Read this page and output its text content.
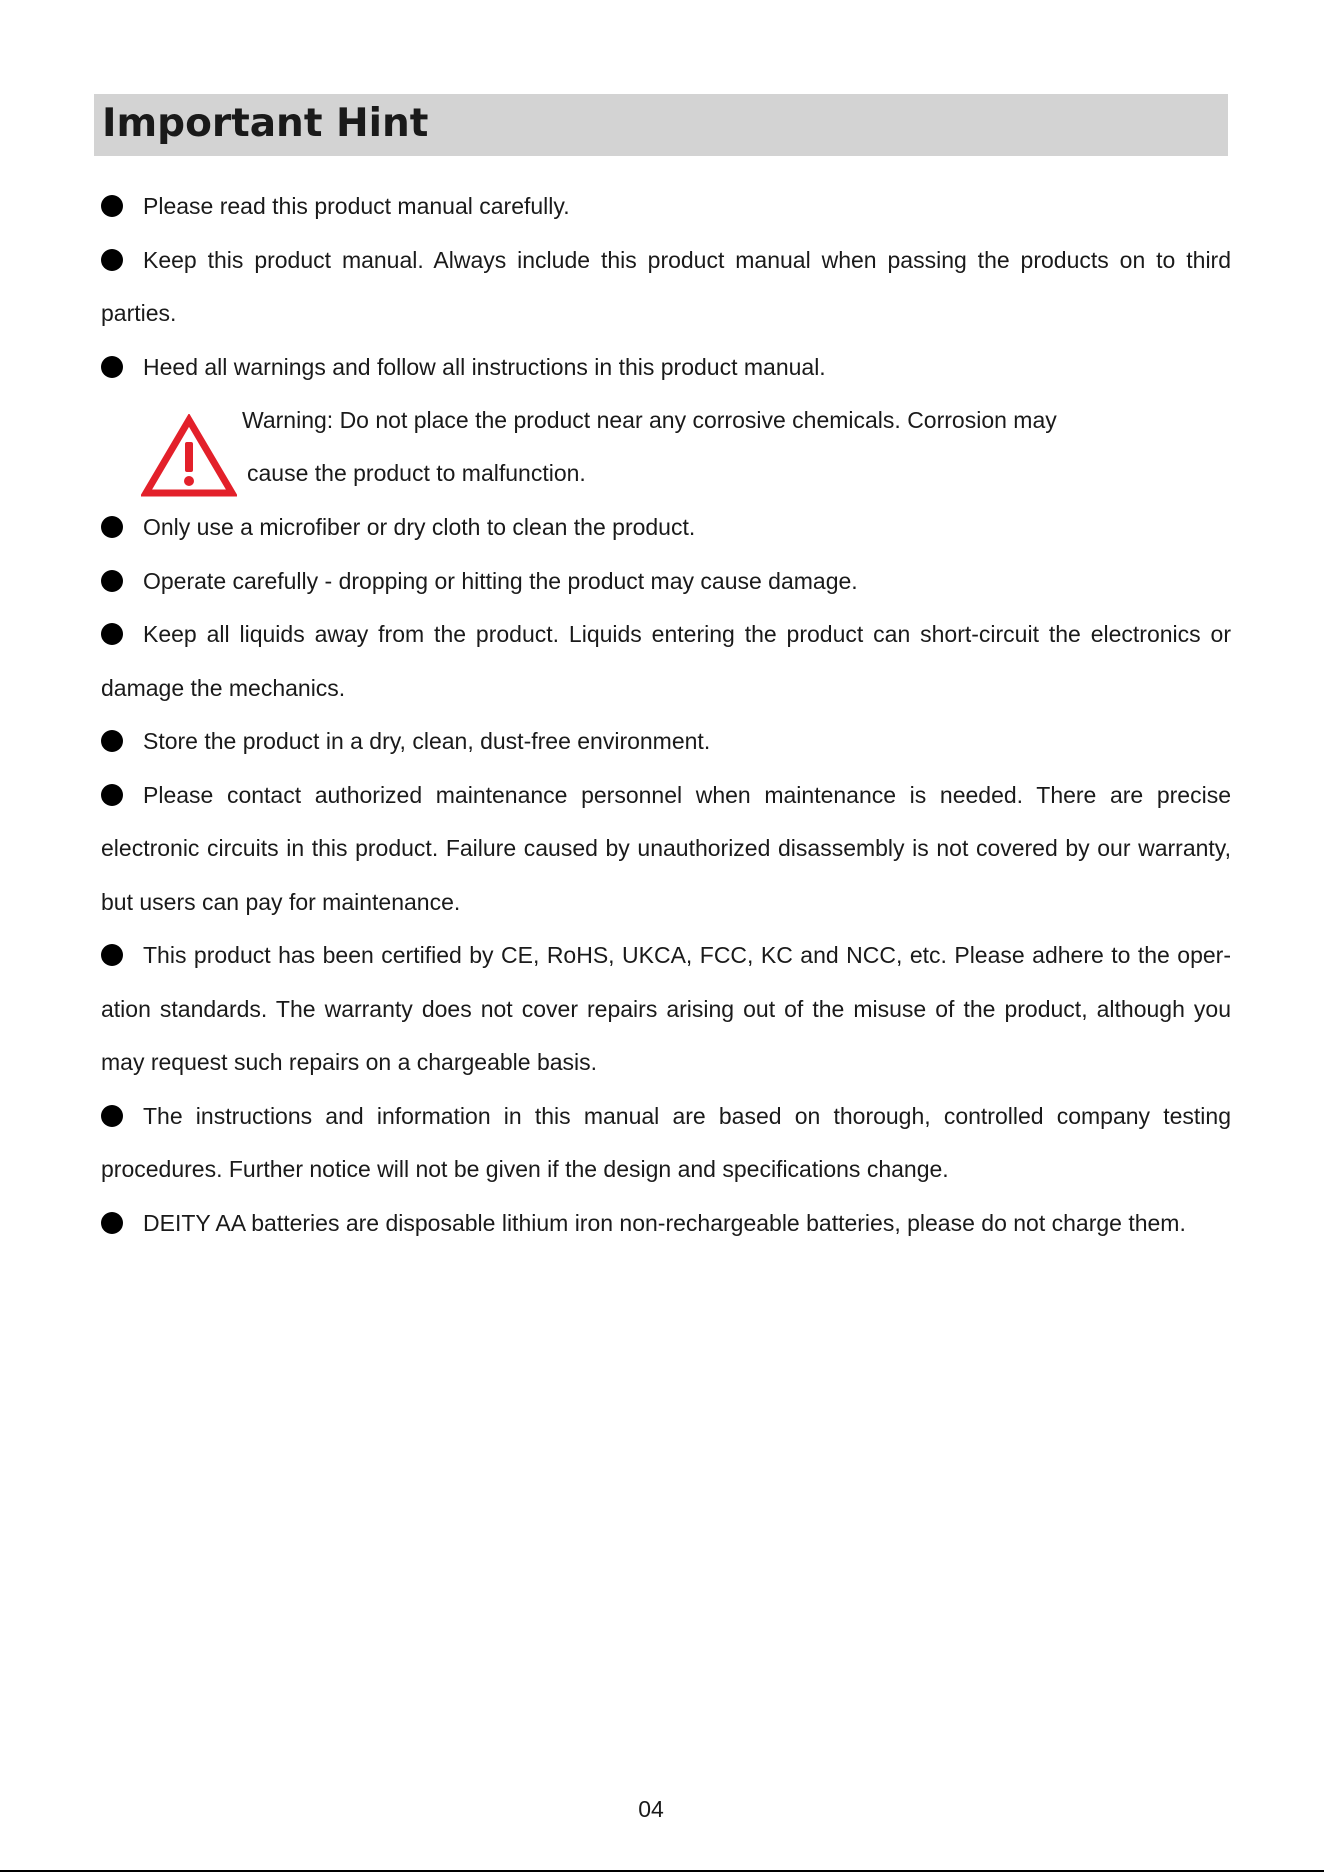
Important Hint

Please read this product manual carefully.

Keep this product manual. Always include this product manual when passing the products on to third parties.

Heed all warnings and follow all instructions in this product manual.

Warning: Do not place the product near any corrosive chemicals. Corrosion may
cause the product to malfunction.

Only use a microfiber or dry cloth to clean the product.

Operate carefully - dropping or hitting the product may cause damage.

Keep all liquids away from the product. Liquids entering the product can short-circuit the electronics or damage the mechanics.

Store the product in a dry, clean, dust-free environment.

Please contact authorized maintenance personnel when maintenance is needed. There are precise electronic circuits in this product. Failure caused by unauthorized disassembly is not covered by our warranty, but users can pay for maintenance.

This product has been certified by CE, RoHS, UKCA, FCC, KC and NCC, etc. Please adhere to the oper-ation standards. The warranty does not cover repairs arising out of the misuse of the product, although you may request such repairs on a chargeable basis.

The instructions and information in this manual are based on thorough, controlled company testing procedures. Further notice will not be given if the design and specifications change.

DEITY AA batteries are disposable lithium iron non-rechargeable batteries, please do not charge them.

04
